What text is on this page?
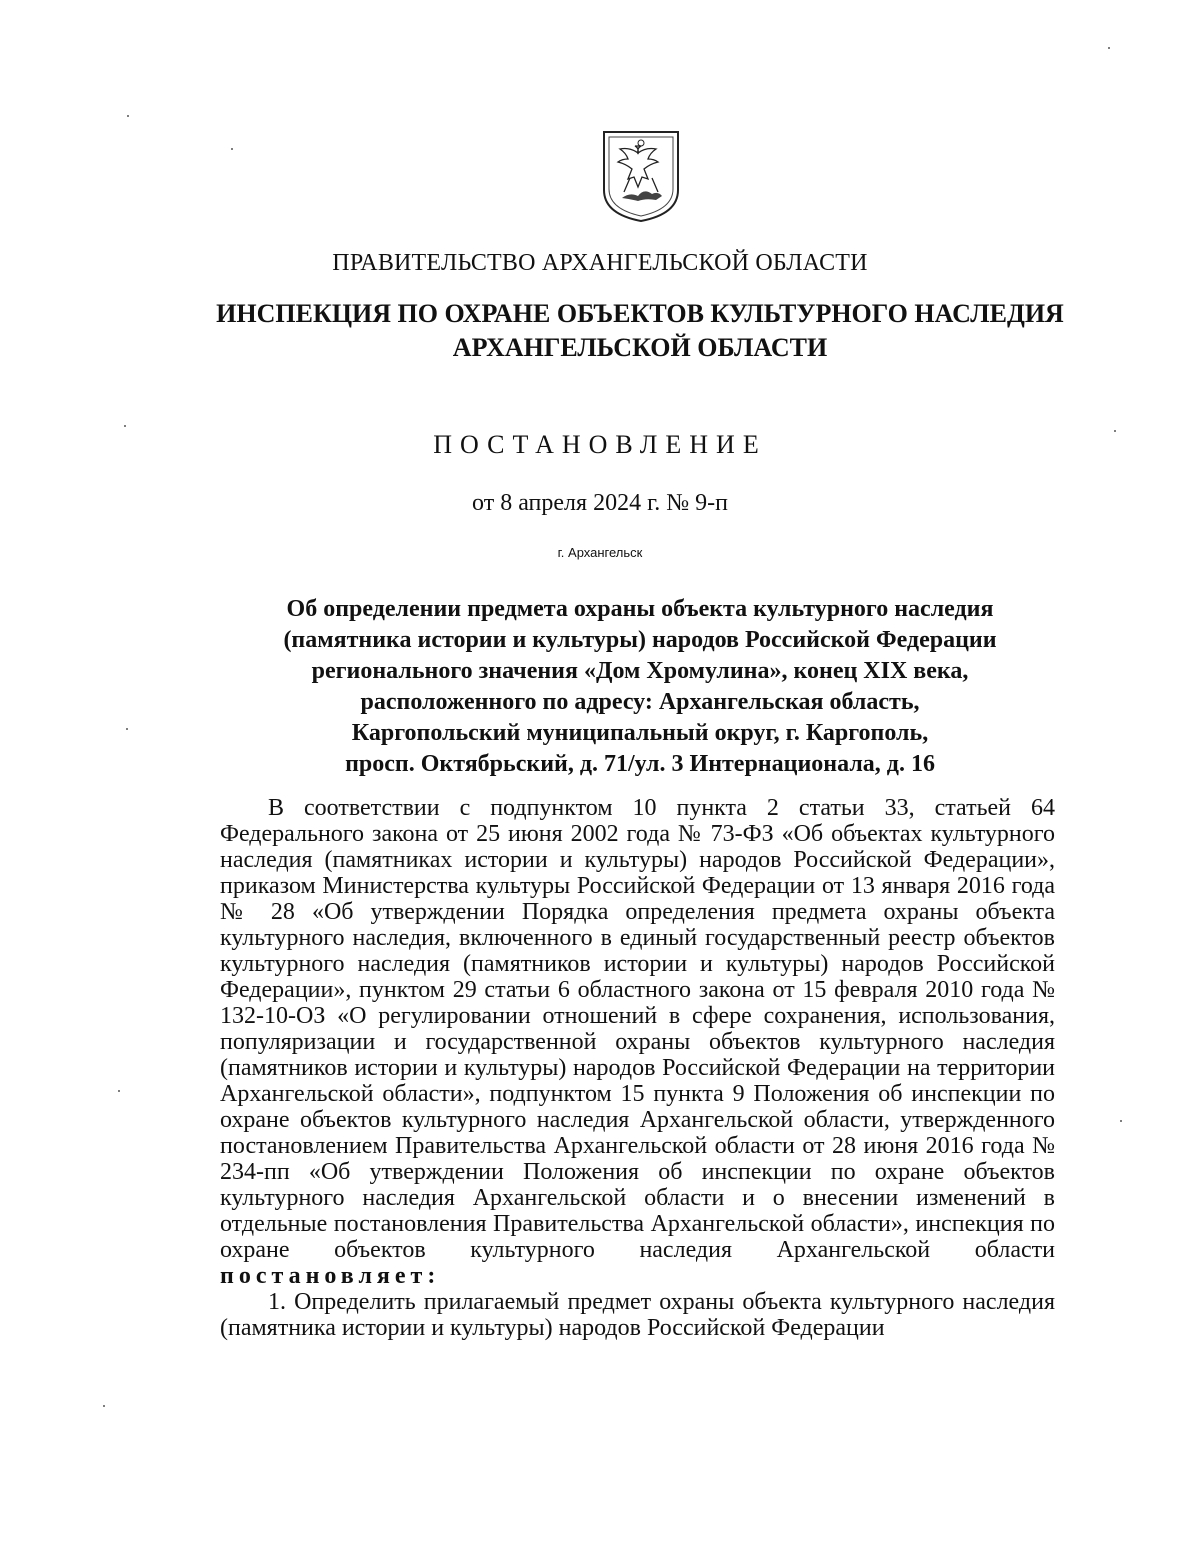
ПРАВИТЕЛЬСТВО АРХАНГЕЛЬСКОЙ ОБЛАСТИ
ИНСПЕКЦИЯ ПО ОХРАНЕ ОБЪЕКТОВ КУЛЬТУРНОГО НАСЛЕДИЯ
АРХАНГЕЛЬСКОЙ ОБЛАСТИ
ПОСТАНОВЛЕНИЕ
от 8 апреля 2024 г. № 9-п
г. Архангельск
Об определении предмета охраны объекта культурного наследия
(памятника истории и культуры) народов Российской Федерации
регионального значения «Дом Хромулина», конец XIX века,
расположенного по адресу: Архангельская область,
Каргопольский муниципальный округ, г. Каргополь,
просп. Октябрьский, д. 71/ул. 3 Интернационала, д. 16

В соответствии с подпунктом 10 пункта 2 статьи 33, статьей 64 Федерального закона от 25 июня 2002 года № 73-ФЗ «Об объектах культурного наследия (памятниках истории и культуры) народов Российской Федерации», приказом Министерства культуры Российской Федерации от 13 января 2016 года № 28 «Об утверждении Порядка определения предмета охраны объекта культурного наследия, включенного в единый государственный реестр объектов культурного наследия (памятников истории и культуры) народов Российской Федерации», пунктом 29 статьи 6 областного закона от 15 февраля 2010 года № 132-10-ОЗ «О регулировании отношений в сфере сохранения, использования, популяризации и государственной охраны объектов культурного наследия (памятников истории и культуры) народов Российской Федерации на территории Архангельской области», подпунктом 15 пункта 9 Положения об инспекции по охране объектов культурного наследия Архангельской области, утвержденного постановлением Правительства Архангельской области от 28 июня 2016 года № 234-пп «Об утверждении Положения об инспекции по охране объектов культурного наследия Архангельской области и о внесении изменений в отдельные постановления Правительства Архангельской области», инспекция по охране объектов культурного наследия Архангельской области постановляет:

1. Определить прилагаемый предмет охраны объекта культурного наследия (памятника истории и культуры) народов Российской Федерации
